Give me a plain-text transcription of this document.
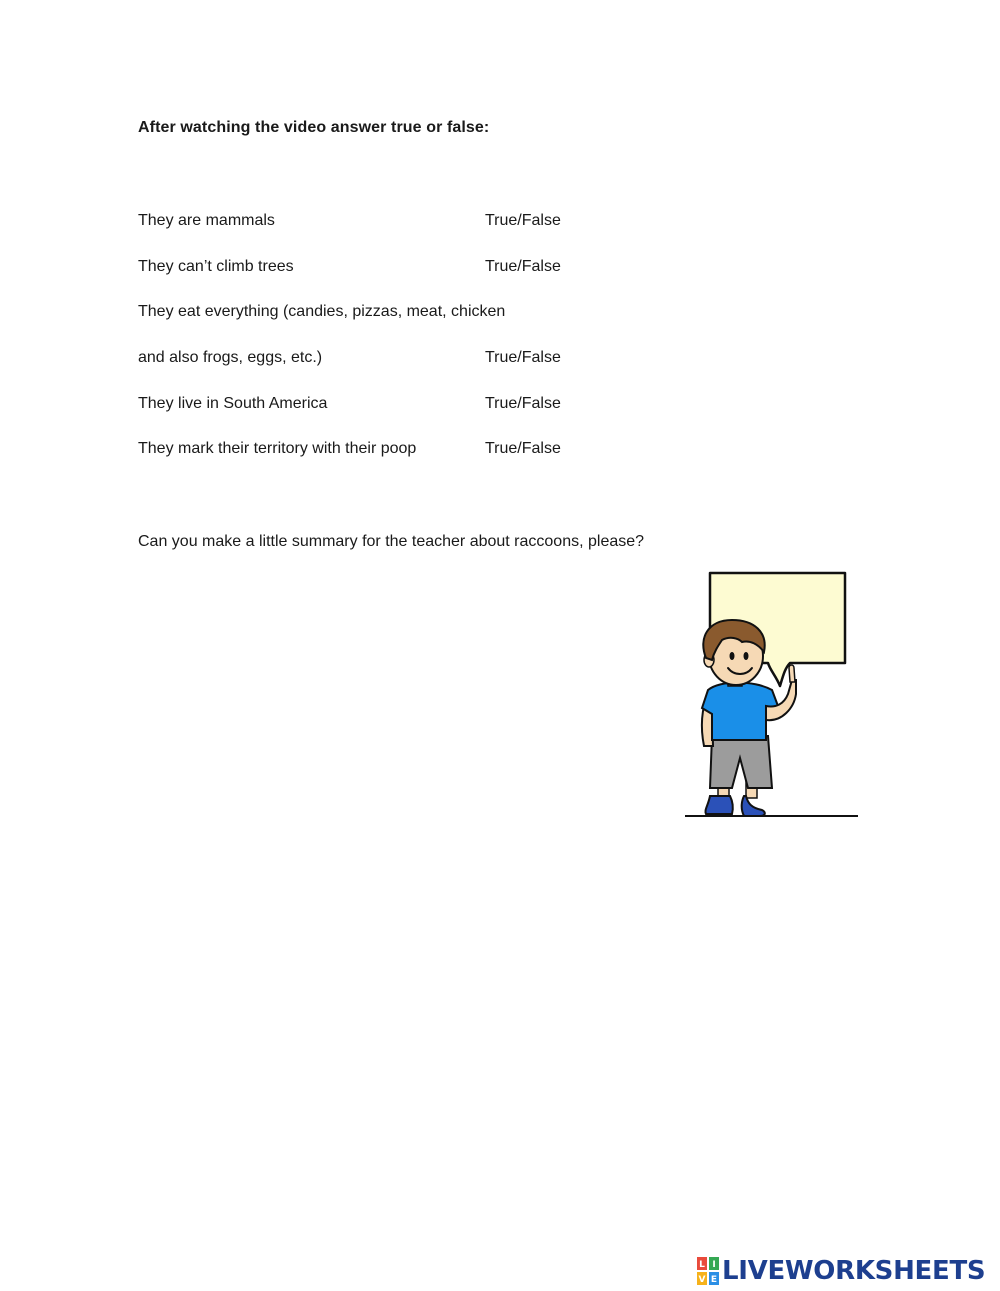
After watching the video answer true or false:
They are mammals	True/False
They can’t climb trees	True/False
They eat everything (candies, pizzas, meat, chicken
and also frogs, eggs, etc.)	True/False
They live in South America	True/False
They mark their territory with their poop	True/False
Can you make a little summary for the teacher about raccoons, please?
L I
V E LIVEWORKSHEETS
